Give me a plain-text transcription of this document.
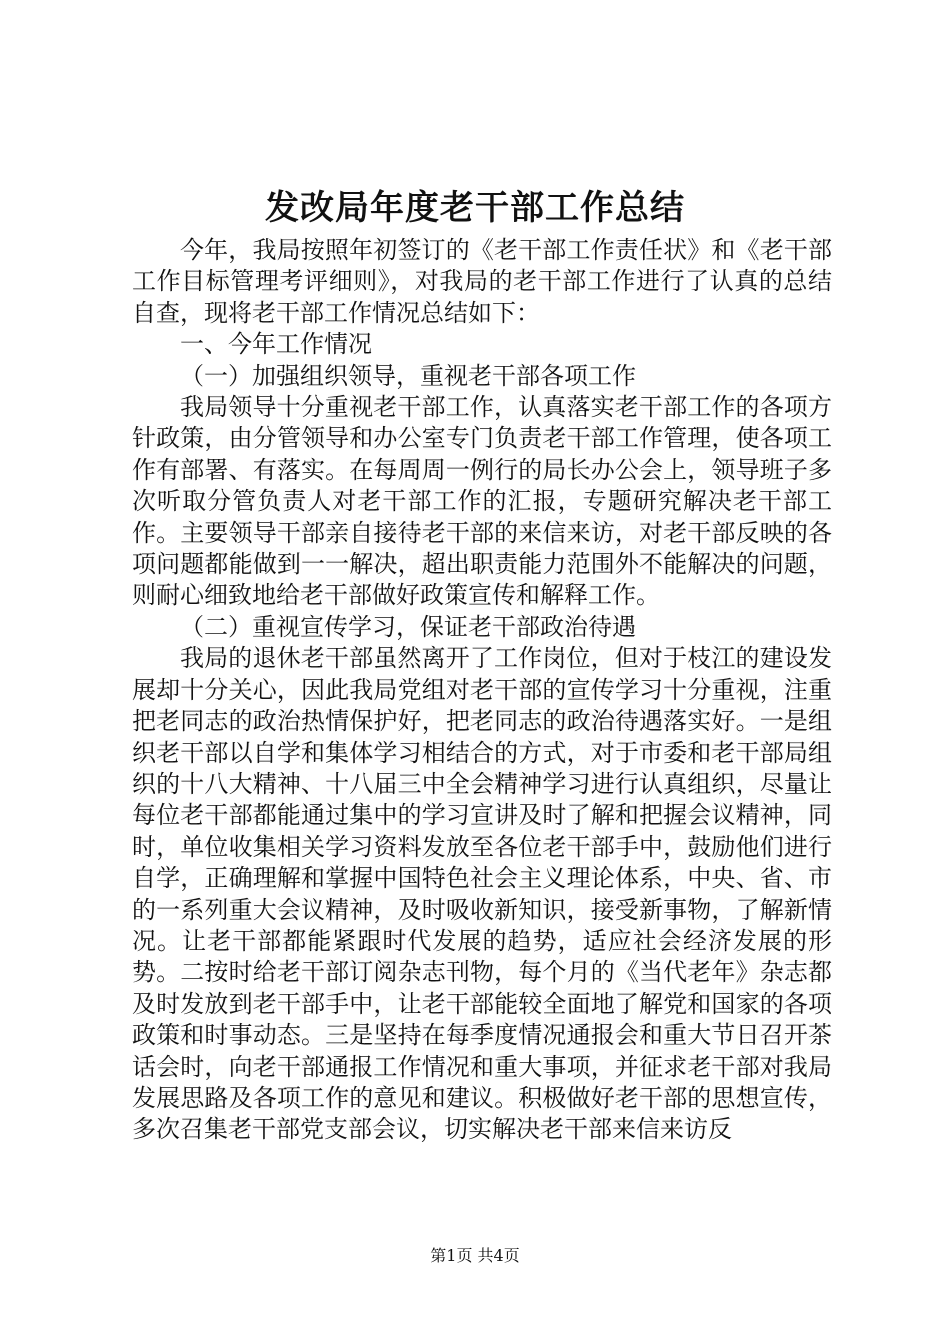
发改局年度老干部工作总结

今年，我局按照年初签订的《老干部工作责任状》和《老干部工作目标管理考评细则》，对我局的老干部工作进行了认真的总结自查，现将老干部工作情况总结如下：

一、今年工作情况

（一）加强组织领导，重视老干部各项工作

我局领导十分重视老干部工作，认真落实老干部工作的各项方针政策，由分管领导和办公室专门负责老干部工作管理，使各项工作有部署、有落实。在每周周一例行的局长办公会上，领导班子多次听取分管负责人对老干部工作的汇报，专题研究解决老干部工作。主要领导干部亲自接待老干部的来信来访，对老干部反映的各项问题都能做到一一解决，超出职责能力范围外不能解决的问题，则耐心细致地给老干部做好政策宣传和解释工作。

（二）重视宣传学习，保证老干部政治待遇

我局的退休老干部虽然离开了工作岗位，但对于枝江的建设发展却十分关心，因此我局党组对老干部的宣传学习十分重视，注重把老同志的政治热情保护好，把老同志的政治待遇落实好。一是组织老干部以自学和集体学习相结合的方式，对于市委和老干部局组织的十八大精神、十八届三中全会精神学习进行认真组织，尽量让每位老干部都能通过集中的学习宣讲及时了解和把握会议精神，同时，单位收集相关学习资料发放至各位老干部手中，鼓励他们进行自学，正确理解和掌握中国特色社会主义理论体系，中央、省、市的一系列重大会议精神，及时吸收新知识，接受新事物，了解新情况。让老干部都能紧跟时代发展的趋势，适应社会经济发展的形势。二按时给老干部订阅杂志刊物，每个月的《当代老年》杂志都及时发放到老干部手中，让老干部能较全面地了解党和国家的各项政策和时事动态。三是坚持在每季度情况通报会和重大节日召开茶话会时，向老干部通报工作情况和重大事项，并征求老干部对我局发展思路及各项工作的意见和建议。积极做好老干部的思想宣传，多次召集老干部党支部会议，切实解决老干部来信来访反

第1页 共4页
